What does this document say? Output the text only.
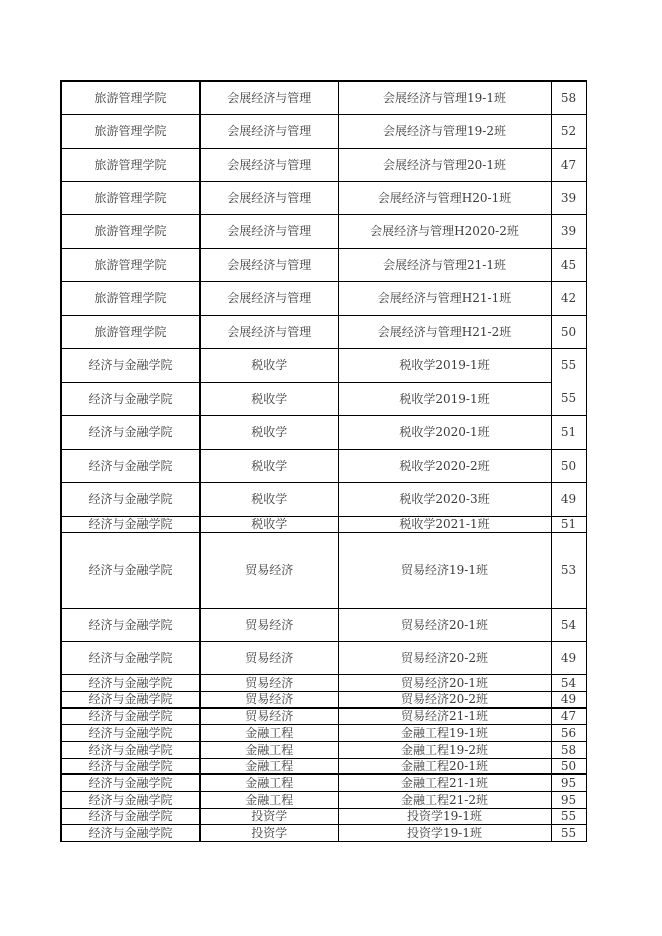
旅游管理学院	会展经济与管理	会展经济与管理19-1班	58
旅游管理学院	会展经济与管理	会展经济与管理19-2班	52
旅游管理学院	会展经济与管理	会展经济与管理20-1班	47
旅游管理学院	会展经济与管理	会展经济与管理H20-1班	39
旅游管理学院	会展经济与管理	会展经济与管理H2020-2班	39
旅游管理学院	会展经济与管理	会展经济与管理21-1班	45
旅游管理学院	会展经济与管理	会展经济与管理H21-1班	42
旅游管理学院	会展经济与管理	会展经济与管理H21-2班	50
经济与金融学院	税收学	税收学2019-1班	55
经济与金融学院	税收学	税收学2019-1班	55
经济与金融学院	税收学	税收学2020-1班	51
经济与金融学院	税收学	税收学2020-2班	50
经济与金融学院	税收学	税收学2020-3班	49
经济与金融学院	税收学	税收学2021-1班	51
经济与金融学院	贸易经济	贸易经济19-1班	53
经济与金融学院	贸易经济	贸易经济20-1班	54
经济与金融学院	贸易经济	贸易经济20-2班	49
经济与金融学院	贸易经济	贸易经济20-1班	54
经济与金融学院	贸易经济	贸易经济20-2班	49
经济与金融学院	贸易经济	贸易经济21-1班	47
经济与金融学院	金融工程	金融工程19-1班	56
经济与金融学院	金融工程	金融工程19-2班	58
经济与金融学院	金融工程	金融工程20-1班	50
经济与金融学院	金融工程	金融工程21-1班	95
经济与金融学院	金融工程	金融工程21-2班	95
经济与金融学院	投资学	投资学19-1班	55
经济与金融学院	投资学	投资学19-1班	55
